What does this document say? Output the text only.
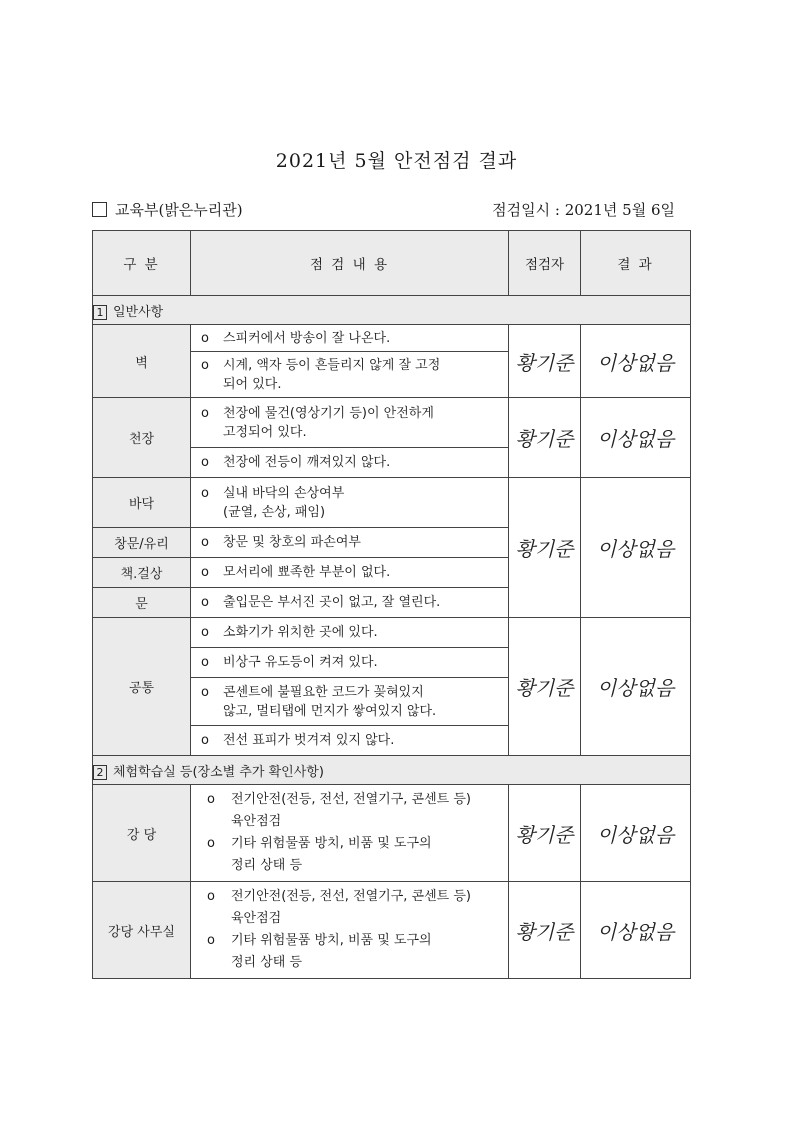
2021년 5월 안전점검 결과
교육부(밝은누리관)	점검일시 : 2021년 5월 6일
구 분	점 검 내 용	점검자	결 과
1 일반사항			
벽	o 스피커에서 방송이 잘 나온다.	황기준	이상없음
	o 시계, 액자 등이 흔들리지 않게 잘 고정
되어 있다.		

천장	o 천장에 물건(영상기기 등)이 안전하게
고정되어 있다.	황기준	이상없음
	o 천장에 전등이 깨져있지 않다.		
바닥	o 실내 바닥의 손상여부
(균열, 손상, 패임)	황기준	이상없음
창문/유리	o 창문 및 창호의 파손여부		
책.걸상	o 모서리에 뾰족한 부분이 없다.		
문	o 출입문은 부서진 곳이 없고, 잘 열린다.		
공통	o 소화기가 위치한 곳에 있다.	황기준	이상없음
	o 비상구 유도등이 켜져 있다.		
	o 콘센트에 불필요한 코드가 꽂혀있지
않고, 멀티탭에 먼지가 쌓여있지 않다.		

	o 전선 표피가 벗겨져 있지 않다.		
2 체험학습실 등(장소별 추가 확인사항)			
강 당	o 전기안전(전등, 전선, 전열기구, 콘센트 등)
육안점검
o 기타 위험물품 방치, 비품 및 도구의
정리 상태 등	황기준	이상없음
강당 사무실	o 전기안전(전등, 전선, 전열기구, 콘센트 등)
육안점검
o 기타 위험물품 방치, 비품 및 도구의
정리 상태 등	황기준	이상없음
